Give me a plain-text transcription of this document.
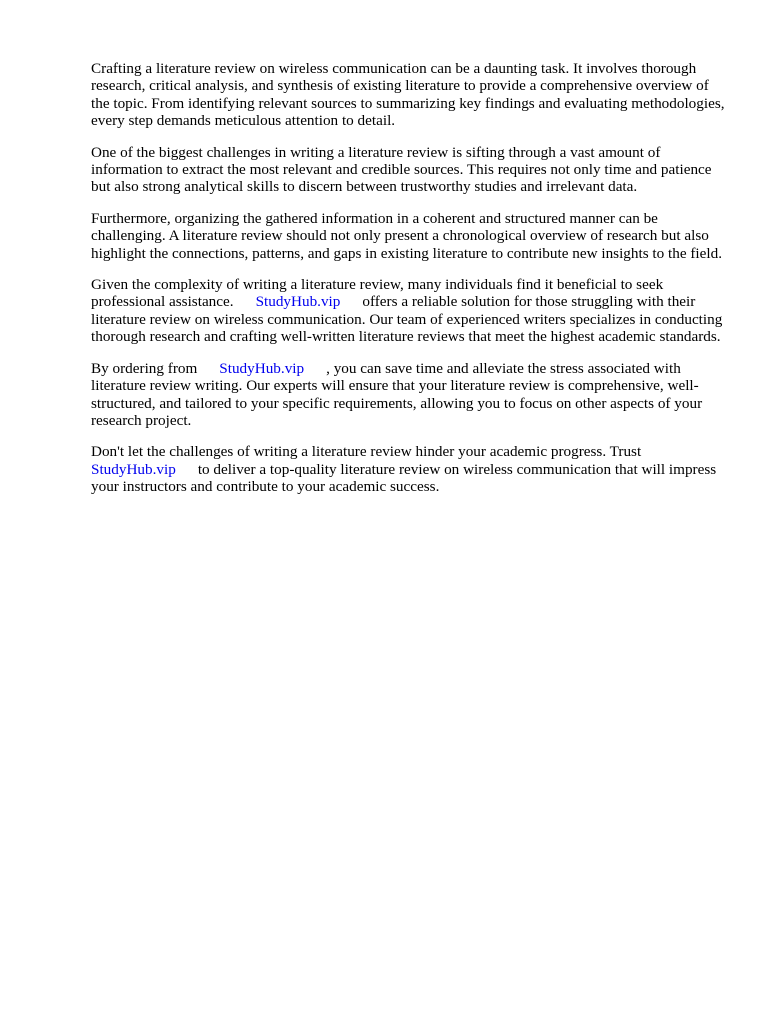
Crafting a literature review on wireless communication can be a daunting task. It involves thorough research, critical analysis, and synthesis of existing literature to provide a comprehensive overview of the topic. From identifying relevant sources to summarizing key findings and evaluating methodologies, every step demands meticulous attention to detail.

One of the biggest challenges in writing a literature review is sifting through a vast amount of information to extract the most relevant and credible sources. This requires not only time and patience but also strong analytical skills to discern between trustworthy studies and irrelevant data.

Furthermore, organizing the gathered information in a coherent and structured manner can be challenging. A literature review should not only present a chronological overview of research but also highlight the connections, patterns, and gaps in existing literature to contribute new insights to the field.

Given the complexity of writing a literature review, many individuals find it beneficial to seek professional assistance. StudyHub.vip offers a reliable solution for those struggling with their literature review on wireless communication. Our team of experienced writers specializes in conducting thorough research and crafting well-written literature reviews that meet the highest academic standards.

By ordering from StudyHub.vip , you can save time and alleviate the stress associated with literature review writing. Our experts will ensure that your literature review is comprehensive, well-structured, and tailored to your specific requirements, allowing you to focus on other aspects of your research project.

Don't let the challenges of writing a literature review hinder your academic progress. Trust StudyHub.vip to deliver a top-quality literature review on wireless communication that will impress your instructors and contribute to your academic success.
